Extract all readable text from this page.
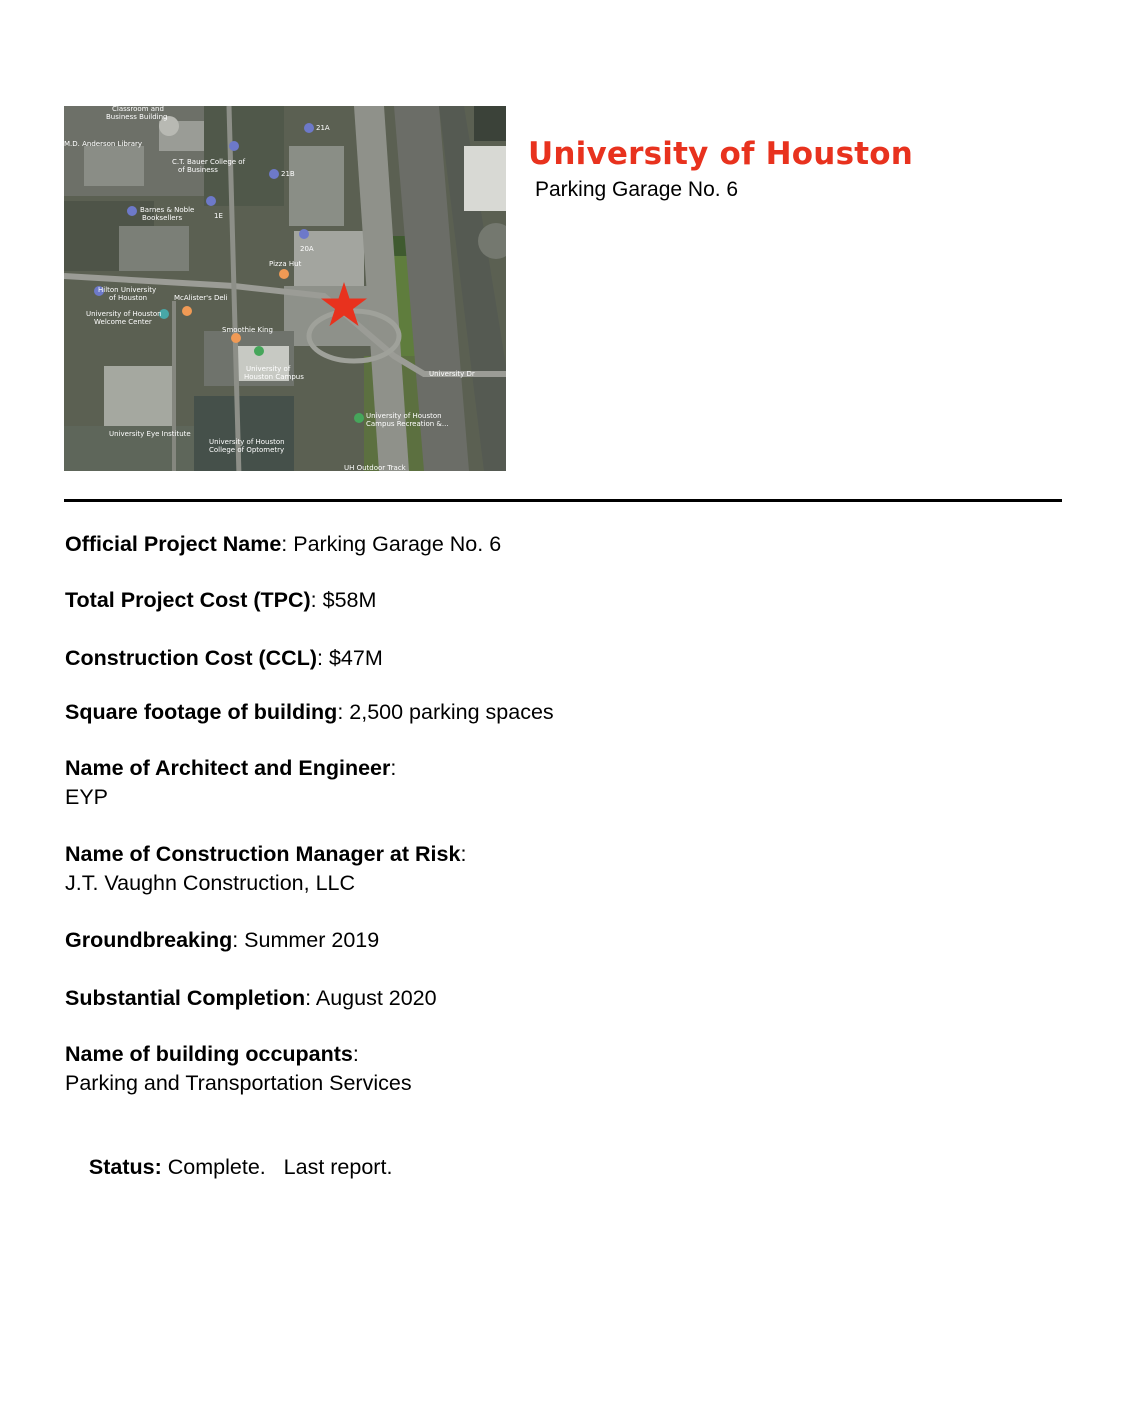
Classroom and
Business Building
M.D. Anderson Library
C.T. Bauer College of
of Business
Barnes & Noble
Booksellers
Hilton University
of Houston
University of Houston
Welcome Center
McAlister's Deli
Pizza Hut
Smoothie King
University of
Houston Campus
University Eye Institute
University of Houston
College of Optometry
University of Houston
Campus Recreation &...
University Dr
21A
21B
20A
1E
UH Outdoor Track
University of Houston
Parking Garage No. 6
Official Project Name: Parking Garage No. 6
Total Project Cost (TPC): $58M
Construction Cost (CCL): $47M
Square footage of building: 2,500 parking spaces
Name of Architect and Engineer:
EYP
Name of Construction Manager at Risk:
J.T. Vaughn Construction, LLC
Groundbreaking: Summer 2019
Substantial Completion: August 2020
Name of building occupants:
Parking and Transportation Services

Status: Complete.   Last report.
